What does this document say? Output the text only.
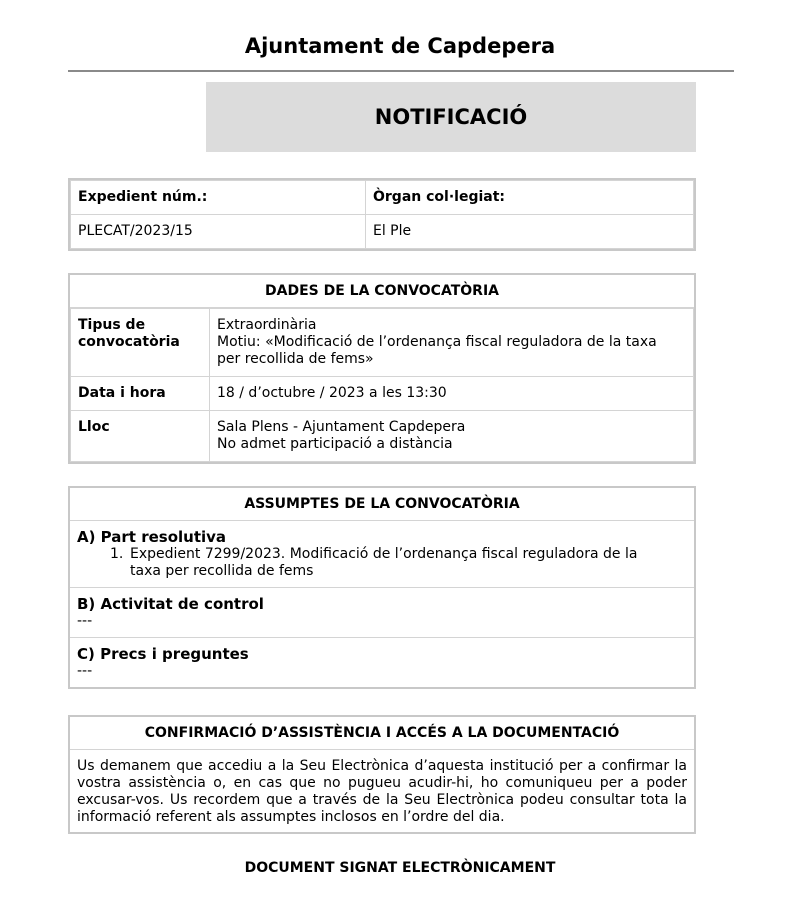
Ajuntament de Capdepera
NOTIFICACIÓ
Expedient núm.:	Òrgan col·legiat:
PLECAT/2023/15	El Ple
DADES DE LA CONVOCATÒRIA
Tipus de convocatòria	Extraordinària
Motiu: «Modificació de l’ordenança fiscal reguladora de la taxa
per recollida de fems»

Data i hora	18 / d’octubre / 2023 a les 13:30
Lloc	Sala Plens - Ajuntament Capdepera
No admet participació a distància
ASSUMPTES DE LA CONVOCATÒRIA
A) Part resolutiva
1. Expedient 7299/2023. Modificació de l’ordenança fiscal reguladora de la
taxa per recollida de fems
B) Activitat de control
---
C) Precs i preguntes
---
CONFIRMACIÓ D’ASSISTÈNCIA I ACCÉS A LA DOCUMENTACIÓ
Us demanem que accediu a la Seu Electrònica d’aquesta institució per a confirmar la vostra assistència o, en cas que no pugueu acudir-hi, ho comuniqueu per a poder excusar-vos. Us recordem que a través de la Seu Electrònica podeu consultar tota la informació referent als assumptes inclosos en l’ordre del dia.
DOCUMENT SIGNAT ELECTRÒNICAMENT
